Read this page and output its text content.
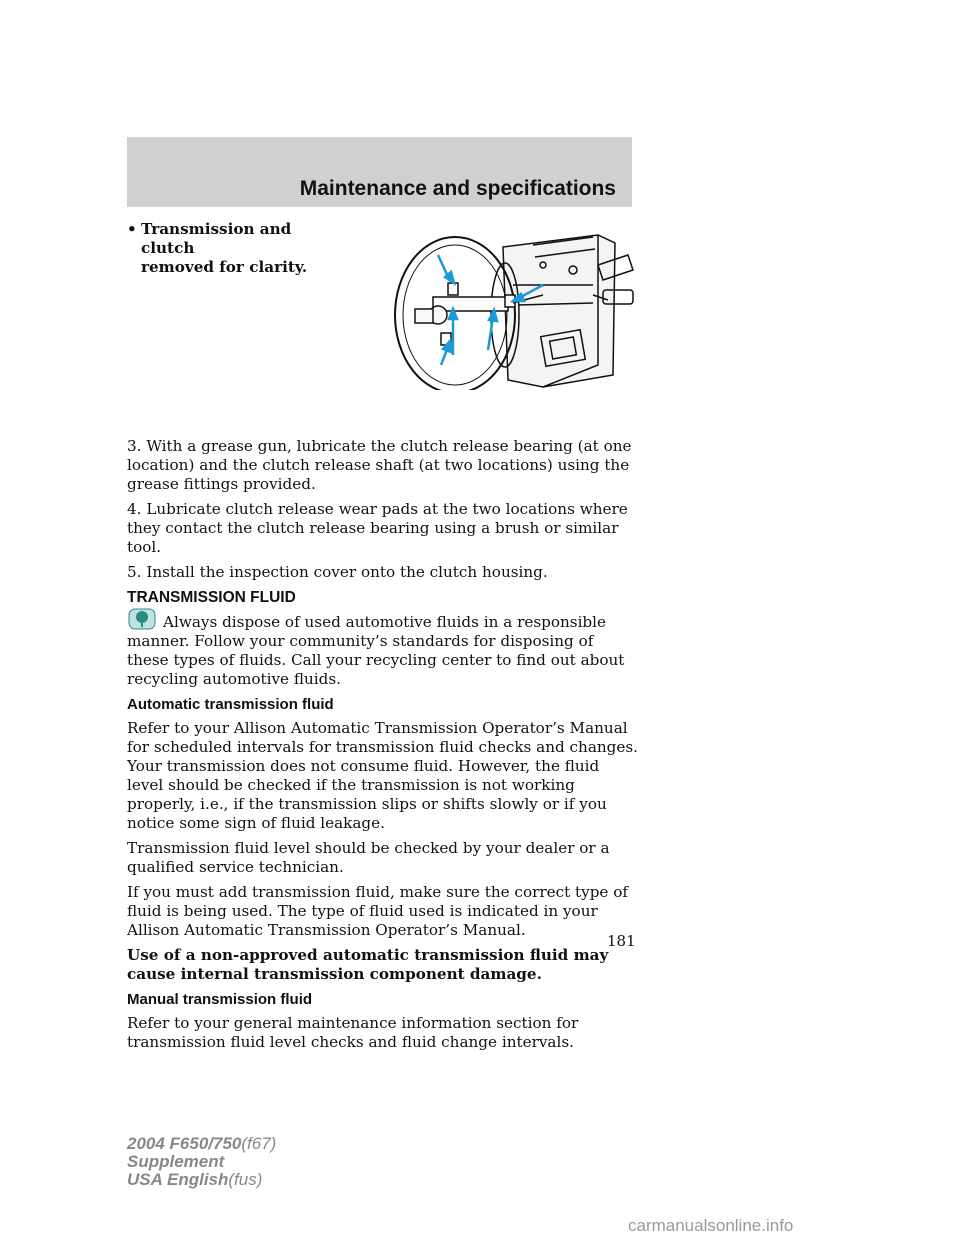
Maintenance and specifications
• Transmission and clutch
removed for clarity.

3. With a grease gun, lubricate the clutch release bearing (at one location) and the clutch release shaft (at two locations) using the grease fittings provided.

4. Lubricate clutch release wear pads at the two locations where they contact the clutch release bearing using a brush or similar tool.

5. Install the inspection cover onto the clutch housing.

TRANSMISSION FLUID

Always dispose of used automotive fluids in a responsible manner. Follow your community’s standards for disposing of these types of fluids. Call your recycling center to find out about recycling automotive fluids.

Automatic transmission fluid

Refer to your Allison Automatic Transmission Operator’s Manual for scheduled intervals for transmission fluid checks and changes. Your transmission does not consume fluid. However, the fluid level should be checked if the transmission is not working properly, i.e., if the transmission slips or shifts slowly or if you notice some sign of fluid leakage.

Transmission fluid level should be checked by your dealer or a qualified service technician.

If you must add transmission fluid, make sure the correct type of fluid is being used. The type of fluid used is indicated in your Allison Automatic Transmission Operator’s Manual.

Use of a non-approved automatic transmission fluid may cause internal transmission component damage.

Manual transmission fluid

Refer to your general maintenance information section for transmission fluid level checks and fluid change intervals.

181
2004 F650/750(f67)
Supplement
USA English(fus)
carmanualsonline.info
